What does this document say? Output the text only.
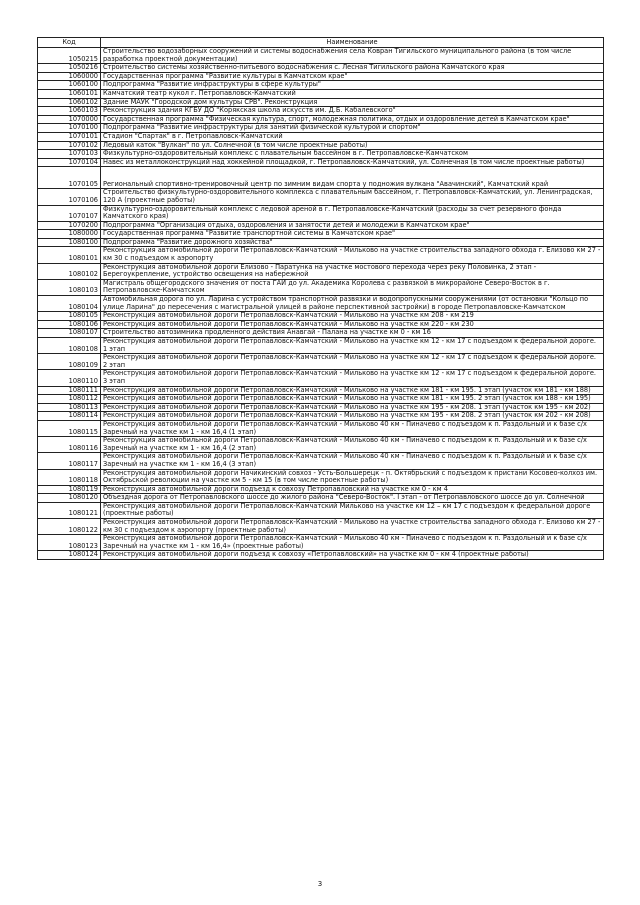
Код	Наименование
1050215	Строительство водозаборных сооружений и системы водоснабжения села Ковран Тигильского муниципального района (в том числе разработка проектной документации)
1050216	Строительство системы хозяйственно-питьевого водоснабжения с. Лесная Тигильского района Камчатского края
1060000	Государственная программа "Развитие культуры в Камчатском крае"
1060100	Подпрограмма "Развитие инфраструктуры в сфере культуры"
1060101	Камчатский театр кукол г. Петропавловск-Камчатский
1060102	Здание МАУК "Городской дом культуры СРВ". Реконструкция
1060103	Реконструкция здания КГБУ ДО "Корякская школа искусств им. Д.Б. Кабалевского"
1070000	Государственная программа "Физическая культура, спорт, молодежная политика, отдых и оздоровление детей в Камчатском крае"
1070100	Подпрограмма "Развитие инфраструктуры для занятий физической культурой и спортом"
1070101	Стадион "Спартак" в г. Петропавловск-Камчатский
1070102	Ледовый каток "Вулкан" по ул. Солнечной (в том числе проектные работы)
1070103	Физкультурно-оздоровительный комплекс с плавательным бассейном в г. Петропавловске-Камчатском
1070104	Навес из металлоконструкций над хоккейной площадкой, г. Петропавловск-Камчатский, ул. Солнечная (в том числе проектные работы)
1070105	Региональный спортивно-тренировочный центр по зимним видам спорта у подножия вулкана "Авачинский", Камчатский край
1070106	Строительство физкультурно-оздоровительного комплекса с плавательным бассейном, г. Петропавловск-Камчатский, ул. Ленинградская, 120 А (проектные работы)
1070107	Физкультурно-оздоровительный комплекс с ледовой ареной в г. Петропавловске-Камчатский (расходы за счет резервного фонда Камчатского края)
1070200	Подпрограмма "Организация отдыха, оздоровления и занятости детей и молодежи в Камчатском крае"
1080000	Государственная программа "Развитие транспортной системы в Камчатском крае"
1080100	Подпрограмма "Развитие дорожного хозяйства"
1080101	Реконструкция автомобильной дороги Петропавловск-Камчатский - Мильково на участке строительства западного обхода г. Елизово км 27 - км 30 с подъездом к аэропорту
1080102	Реконструкция автомобильной дороги Елизово - Паратунка на участке мостового перехода через реку Половинка, 2 этап - Берегоукрепление, устройство освещения на набережной
1080103	Магистраль общегородского значения от поста ГАИ до ул. Академика Королева с развязкой в микрорайоне Северо-Восток в г. Петропавловске-Камчатском
1080104	Автомобильная дорога по ул. Ларина с устройством транспортной развязки и водопропускными сооружениями (от остановки "Кольцо по улице Ларина" до пересечения с магистральной улицей в районе перспективной застройки) в городе Петропавловске-Камчатском
1080105	Реконструкция автомобильной дороги Петропавловск-Камчатский - Мильково на участке км 208 - км 219
1080106	Реконструкция автомобильной дороги Петропавловск-Камчатский - Мильково на участке км 220 - км 230
1080107	Строительство автозимника продленного действия Анавгай - Палана на участке км 0 - км 16
1080108	Реконструкция автомобильной дороги Петропавловск-Камчатский - Мильково на участке км 12 - км 17 с подъездом к федеральной дороге. 1 этап
1080109	Реконструкция автомобильной дороги Петропавловск-Камчатский - Мильково на участке км 12 - км 17 с подъездом к федеральной дороге. 2 этап
1080110	Реконструкция автомобильной дороги Петропавловск-Камчатский - Мильково на участке км 12 - км 17 с подъездом к федеральной дороге. 3 этап
1080111	Реконструкция автомобильной дороги Петропавловск-Камчатский - Мильково на участке км 181 - км 195. 1 этап (участок км 181 - км 188)
1080112	Реконструкция автомобильной дороги Петропавловск-Камчатский - Мильково на участке км 181 - км 195. 2 этап (участок км 188 - км 195)
1080113	Реконструкция автомобильной дороги Петропавловск-Камчатский - Мильково на участке км 195 - км 208. 1 этап (участок км 195 - км 202)
1080114	Реконструкция автомобильной дороги Петропавловск-Камчатский - Мильково на участке км 195 - км 208. 2 этап (участок км 202 - км 208)
1080115	Реконструкция автомобильной дороги Петропавловск-Камчатский - Мильково 40 км - Пиначево с подъездом к п. Раздольный и к базе с/х Заречный на участке км 1 - км 16,4 (1 этап)
1080116	Реконструкция автомобильной дороги Петропавловск-Камчатский - Мильково 40 км - Пиначево с подъездом к п. Раздольный и к базе с/х Заречный на участке км 1 - км 16,4 (2 этап)
1080117	Реконструкция автомобильной дороги Петропавловск-Камчатский - Мильково 40 км - Пиначево с подъездом к п. Раздольный и к базе с/х Заречный на участке км 1 - км 16,4 (3 этап)
1080118	Реконструкция автомобильной дороги Начикинский совхоз - Усть-Большерецк - п. Октябрьский с подъездом к пристани Косовео-колхоз им. Октябрьской революции на участке км 5 - км 15 (в том числе проектные работы)
1080119	Реконструкция автомобильной дороги подъезд к совхозу Петропавловский на участке км 0 - км 4
1080120	Объездная дорога от Петропавловского шоссе до жилого района "Северо-Восток". I этап - от Петропавловского шоссе до ул. Солнечной
1080121	Реконструкция автомобильной дороги Петропавловск-Камчатский Мильково на участке км 12 – км 17 с подъездом к федеральной дороге (проектные работы)
1080122	Реконструкция автомобильной дороги Петропавловск-Камчатский - Мильково на участке строительства западного обхода г. Елизово км 27 - км 30 с подъездом к аэропорту (проектные работы)
1080123	Реконструкция автомобильной дороги Петропавловск-Камчатский - Мильково 40 км - Пиначево с подъездом к п. Раздольный и к базе с/х Заречный на участке км 1 - км 16,4» (проектные работы)
1080124	Реконструкция автомобильной дороги подъезд к совхозу «Петропавловский» на участке км 0 - км 4 (проектные работы)
3
